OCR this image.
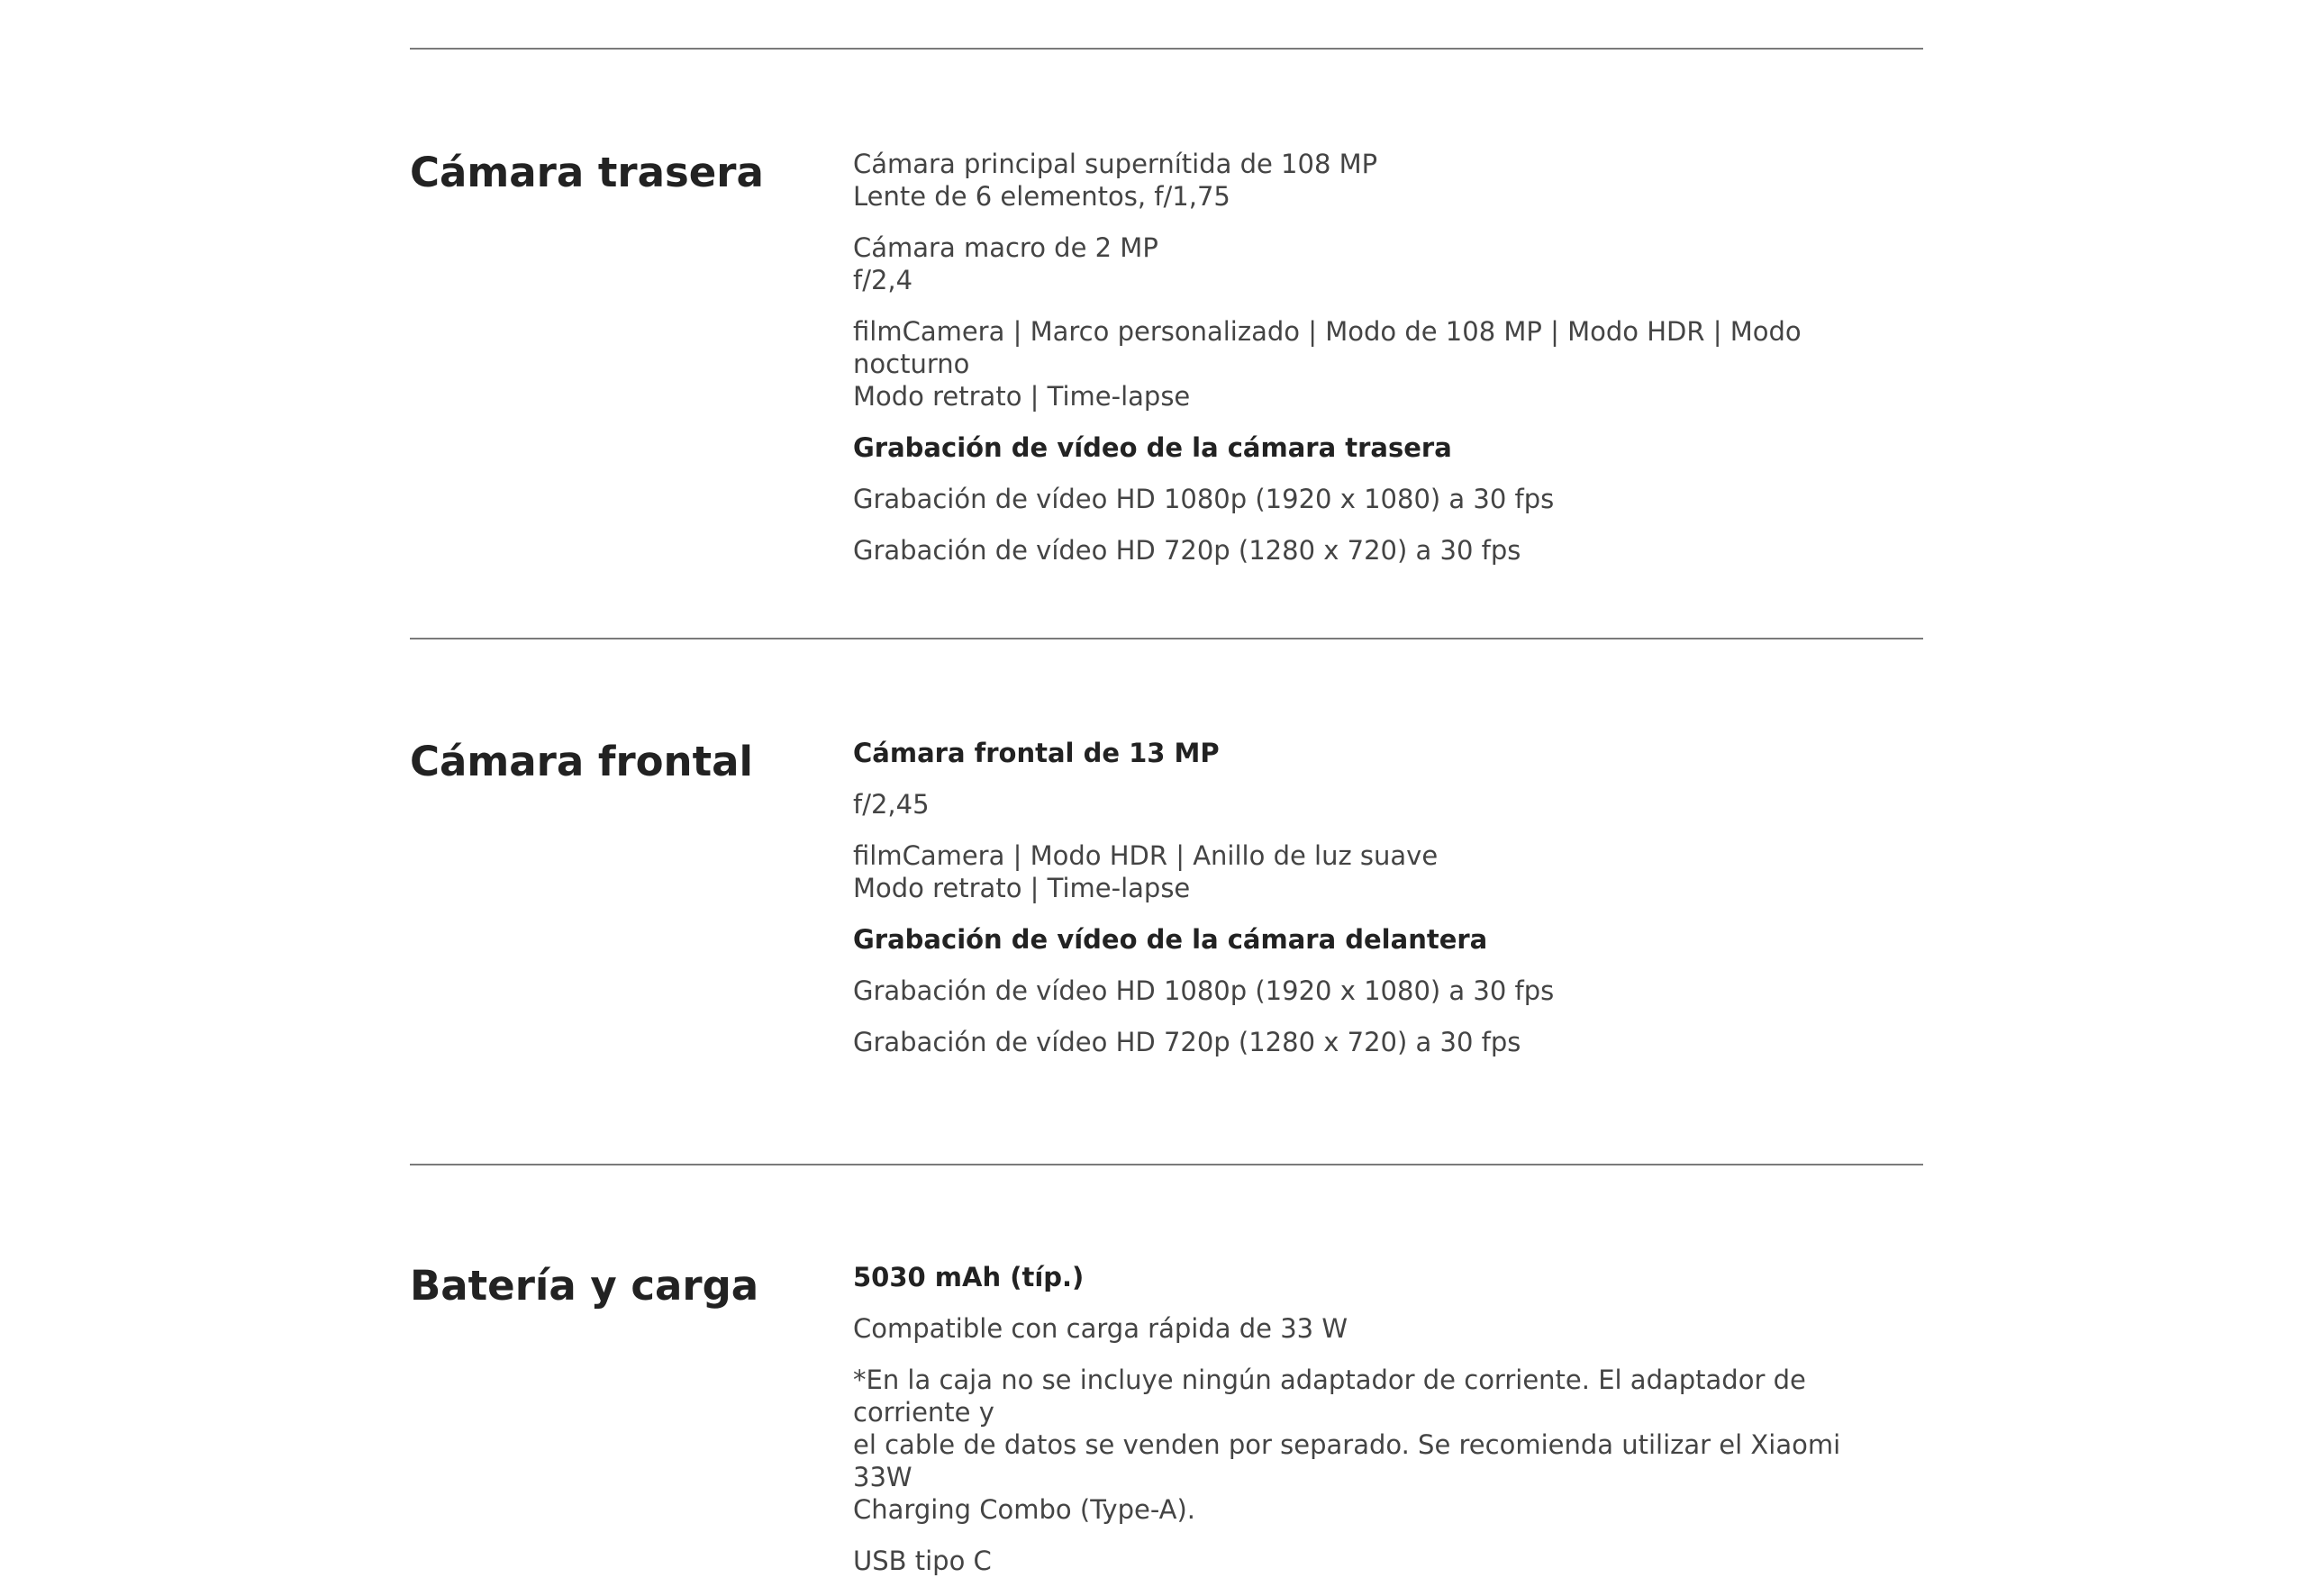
Cámara trasera	Cámara principal supernítida de 108 MP
Lente de 6 elementos, f/1,75
Cámara macro de 2 MP
f/2,4
filmCamera | Marco personalizado | Modo de 108 MP | Modo HDR | Modo nocturno
Modo retrato | Time-lapse
Grabación de vídeo de la cámara trasera
Grabación de vídeo HD 1080p (1920 x 1080) a 30 fps
Grabación de vídeo HD 720p (1280 x 720) a 30 fps
Cámara frontal	Cámara frontal de 13 MP
f/2,45
filmCamera | Modo HDR | Anillo de luz suave
Modo retrato | Time-lapse
Grabación de vídeo de la cámara delantera
Grabación de vídeo HD 1080p (1920 x 1080) a 30 fps
Grabación de vídeo HD 720p (1280 x 720) a 30 fps
Batería y carga	5030 mAh (típ.)
Compatible con carga rápida de 33 W
*En la caja no se incluye ningún adaptador de corriente. El adaptador de corriente y
el cable de datos se venden por separado. Se recomienda utilizar el Xiaomi 33W
Charging Combo (Type-A).
USB tipo C
